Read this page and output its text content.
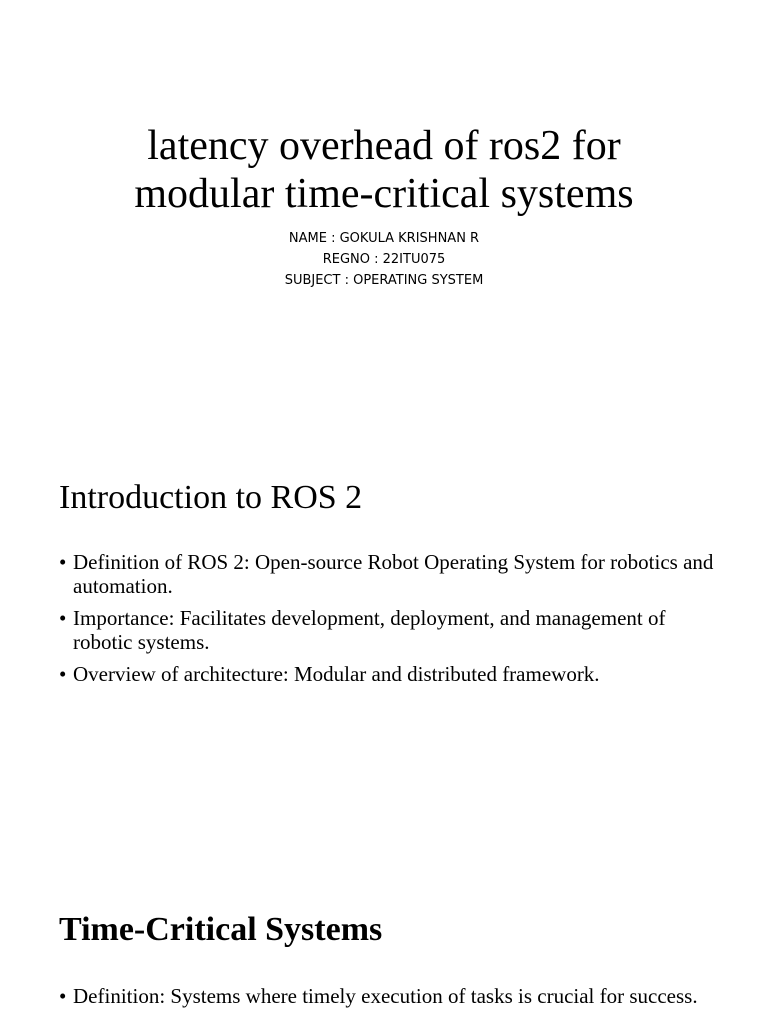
latency overhead of ros2 for
modular time-critical systems
NAME : GOKULA KRISHNAN R
REGNO : 22ITU075
SUBJECT : OPERATING SYSTEM
Introduction to ROS 2
• Definition of ROS 2: Open-source Robot Operating System for robotics and automation.
• Importance: Facilitates development, deployment, and management of robotic systems.
• Overview of architecture: Modular and distributed framework.
Time-Critical Systems
• Definition: Systems where timely execution of tasks is crucial for success.
